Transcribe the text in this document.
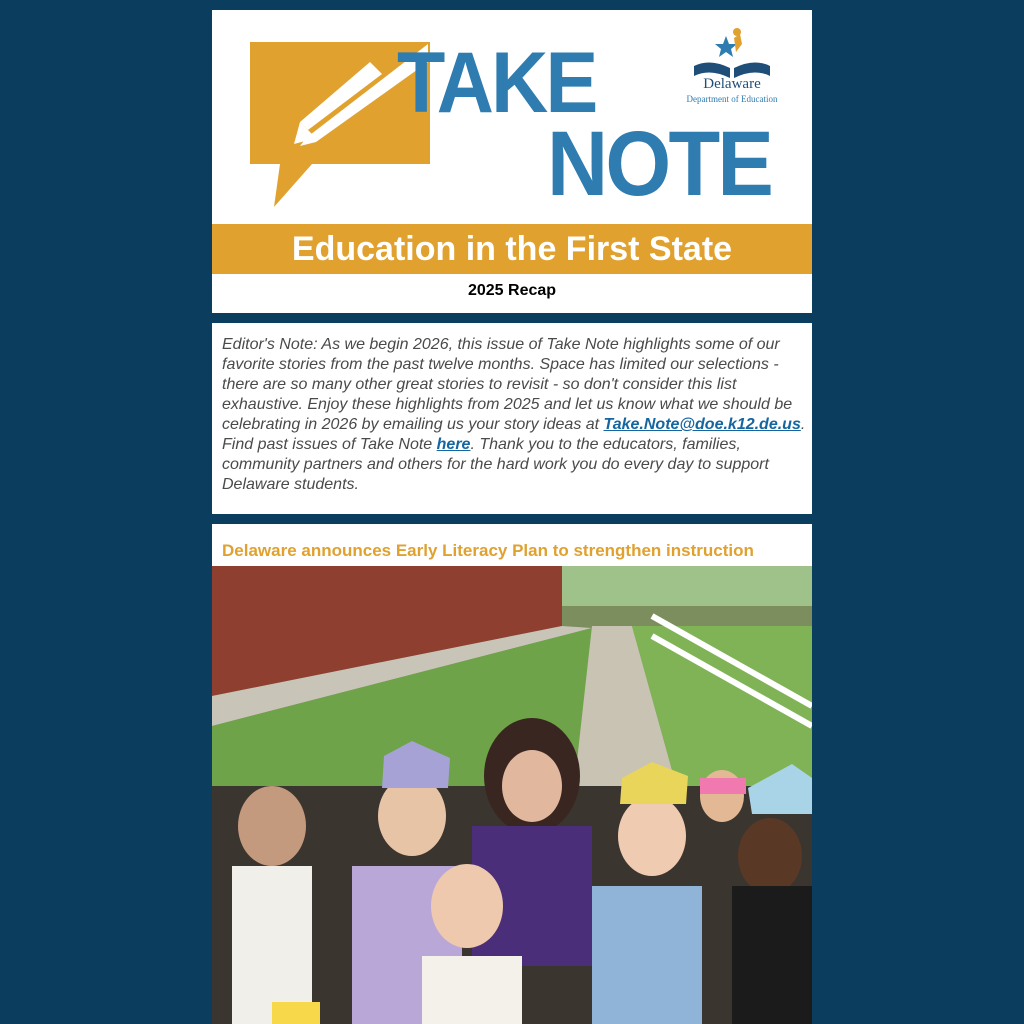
TAKE
NOTE
Delaware
Department of Education
Education in the First State
2025 Recap
Editor's Note: As we begin 2026, this issue of Take Note highlights some of our favorite stories from the past twelve months. Space has limited our selections - there are so many other great stories to revisit - so don't consider this list exhaustive. Enjoy these highlights from 2025 and let us know what we should be celebrating in 2026 by emailing us your story ideas at Take.Note@doe.k12.de.us. Find past issues of Take Note here. Thank you to the educators, families, community partners and others for the hard work you do every day to support Delaware students.
Delaware announces Early Literacy Plan to strengthen instruction
